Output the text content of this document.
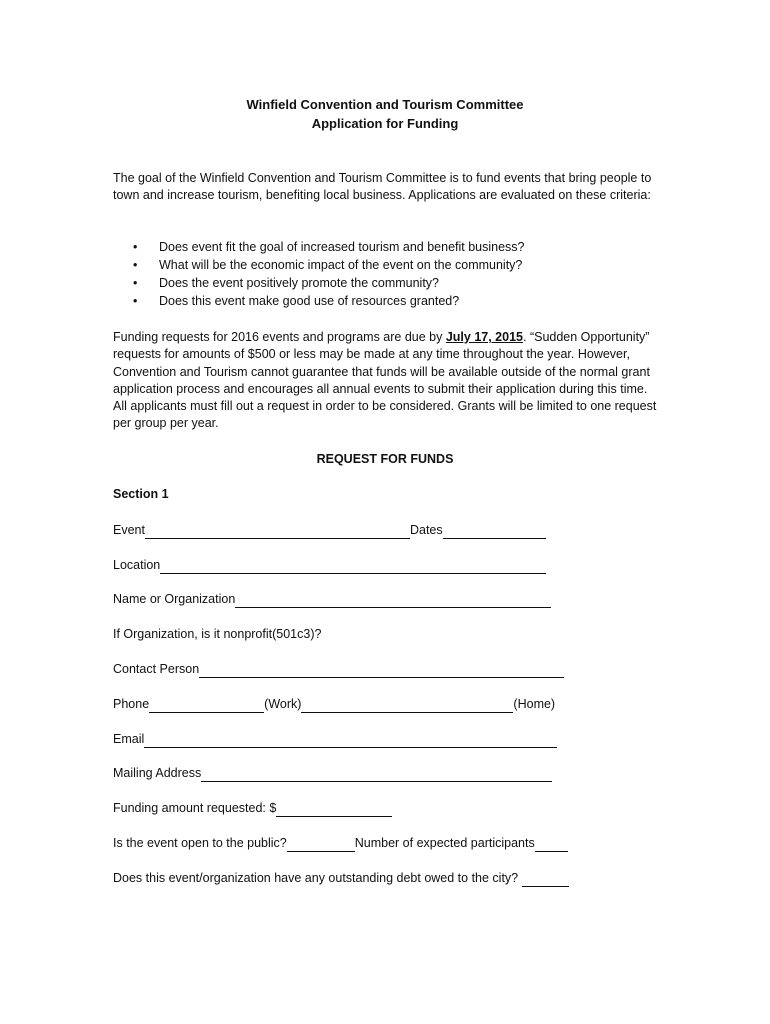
Winfield Convention and Tourism Committee
Application for Funding
The goal of the Winfield Convention and Tourism Committee is to fund events that bring people to town and increase tourism, benefiting local business. Applications are evaluated on these criteria:
• Does event fit the goal of increased tourism and benefit business?
• What will be the economic impact of the event on the community?
• Does the event positively promote the community?
• Does this event make good use of resources granted?
Funding requests for 2016 events and programs are due by July 17, 2015. “Sudden Opportunity” requests for amounts of $500 or less may be made at any time throughout the year. However, Convention and Tourism cannot guarantee that funds will be available outside of the normal grant application process and encourages all annual events to submit their application during this time. All applicants must fill out a request in order to be considered. Grants will be limited to one request per group per year.
REQUEST FOR FUNDS
Section 1
Event	Dates
Location
Name or Organization
If Organization, is it nonprofit(501c3)?
Contact Person
Phone	(Work)	(Home)
Email
Mailing Address
Funding amount requested: $
Is the event open to the public?	Number of expected participants
Does this event/organization have any outstanding debt owed to the city?
